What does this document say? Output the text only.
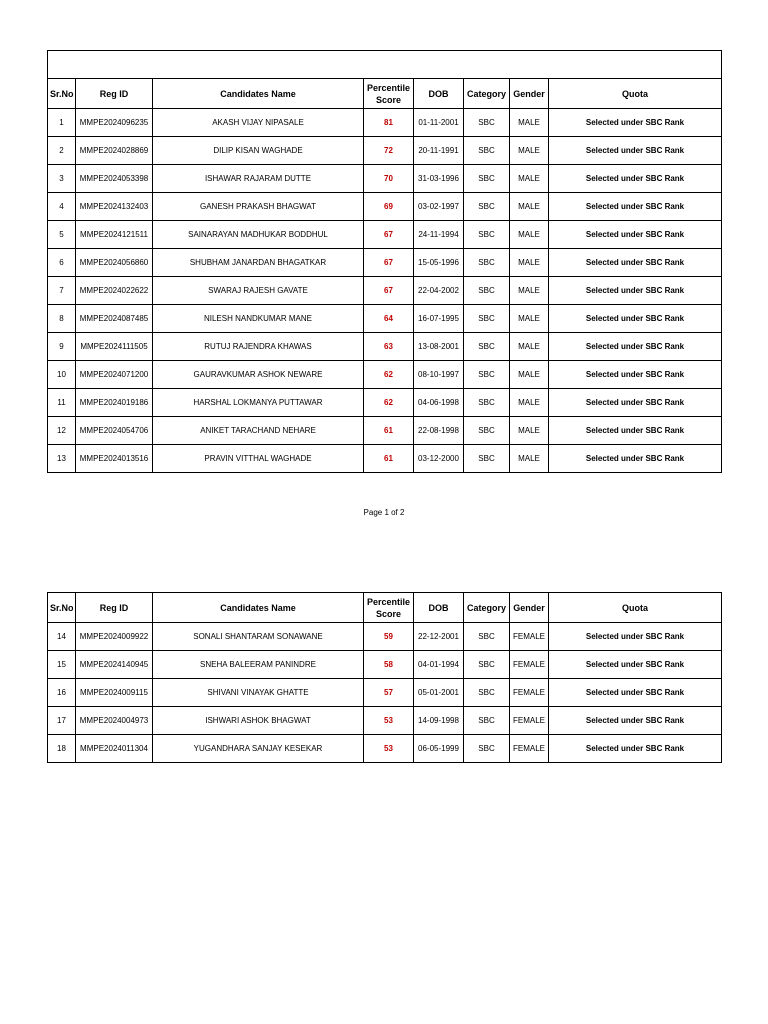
Sr.No	Reg ID	Candidates Name	Percentile Score	DOB	Category	Gender	Quota
1	MMPE2024096235	AKASH VIJAY NIPASALE	81	01-11-2001	SBC	MALE	Selected under SBC Rank
2	MMPE2024028869	DILIP KISAN WAGHADE	72	20-11-1991	SBC	MALE	Selected under SBC Rank
3	MMPE2024053398	ISHAWAR RAJARAM DUTTE	70	31-03-1996	SBC	MALE	Selected under SBC Rank
4	MMPE2024132403	GANESH PRAKASH BHAGWAT	69	03-02-1997	SBC	MALE	Selected under SBC Rank
5	MMPE2024121511	SAINARAYAN MADHUKAR BODDHUL	67	24-11-1994	SBC	MALE	Selected under SBC Rank
6	MMPE2024056860	SHUBHAM JANARDAN BHAGATKAR	67	15-05-1996	SBC	MALE	Selected under SBC Rank
7	MMPE2024022622	SWARAJ RAJESH GAVATE	67	22-04-2002	SBC	MALE	Selected under SBC Rank
8	MMPE2024087485	NILESH NANDKUMAR MANE	64	16-07-1995	SBC	MALE	Selected under SBC Rank
9	MMPE2024111505	RUTUJ RAJENDRA KHAWAS	63	13-08-2001	SBC	MALE	Selected under SBC Rank
10	MMPE2024071200	GAURAVKUMAR ASHOK NEWARE	62	08-10-1997	SBC	MALE	Selected under SBC Rank
11	MMPE2024019186	HARSHAL LOKMANYA PUTTAWAR	62	04-06-1998	SBC	MALE	Selected under SBC Rank
12	MMPE2024054706	ANIKET TARACHAND NEHARE	61	22-08-1998	SBC	MALE	Selected under SBC Rank
13	MMPE2024013516	PRAVIN VITTHAL WAGHADE	61	03-12-2000	SBC	MALE	Selected under SBC Rank
Page 1 of 2
Sr.No	Reg ID	Candidates Name	Percentile Score	DOB	Category	Gender	Quota
14	MMPE2024009922	SONALI SHANTARAM SONAWANE	59	22-12-2001	SBC	FEMALE	Selected under SBC Rank
15	MMPE2024140945	SNEHA BALEERAM PANINDRE	58	04-01-1994	SBC	FEMALE	Selected under SBC Rank
16	MMPE2024009115	SHIVANI VINAYAK GHATTE	57	05-01-2001	SBC	FEMALE	Selected under SBC Rank
17	MMPE2024004973	ISHWARI ASHOK BHAGWAT	53	14-09-1998	SBC	FEMALE	Selected under SBC Rank
18	MMPE2024011304	YUGANDHARA SANJAY KESEKAR	53	06-05-1999	SBC	FEMALE	Selected under SBC Rank
